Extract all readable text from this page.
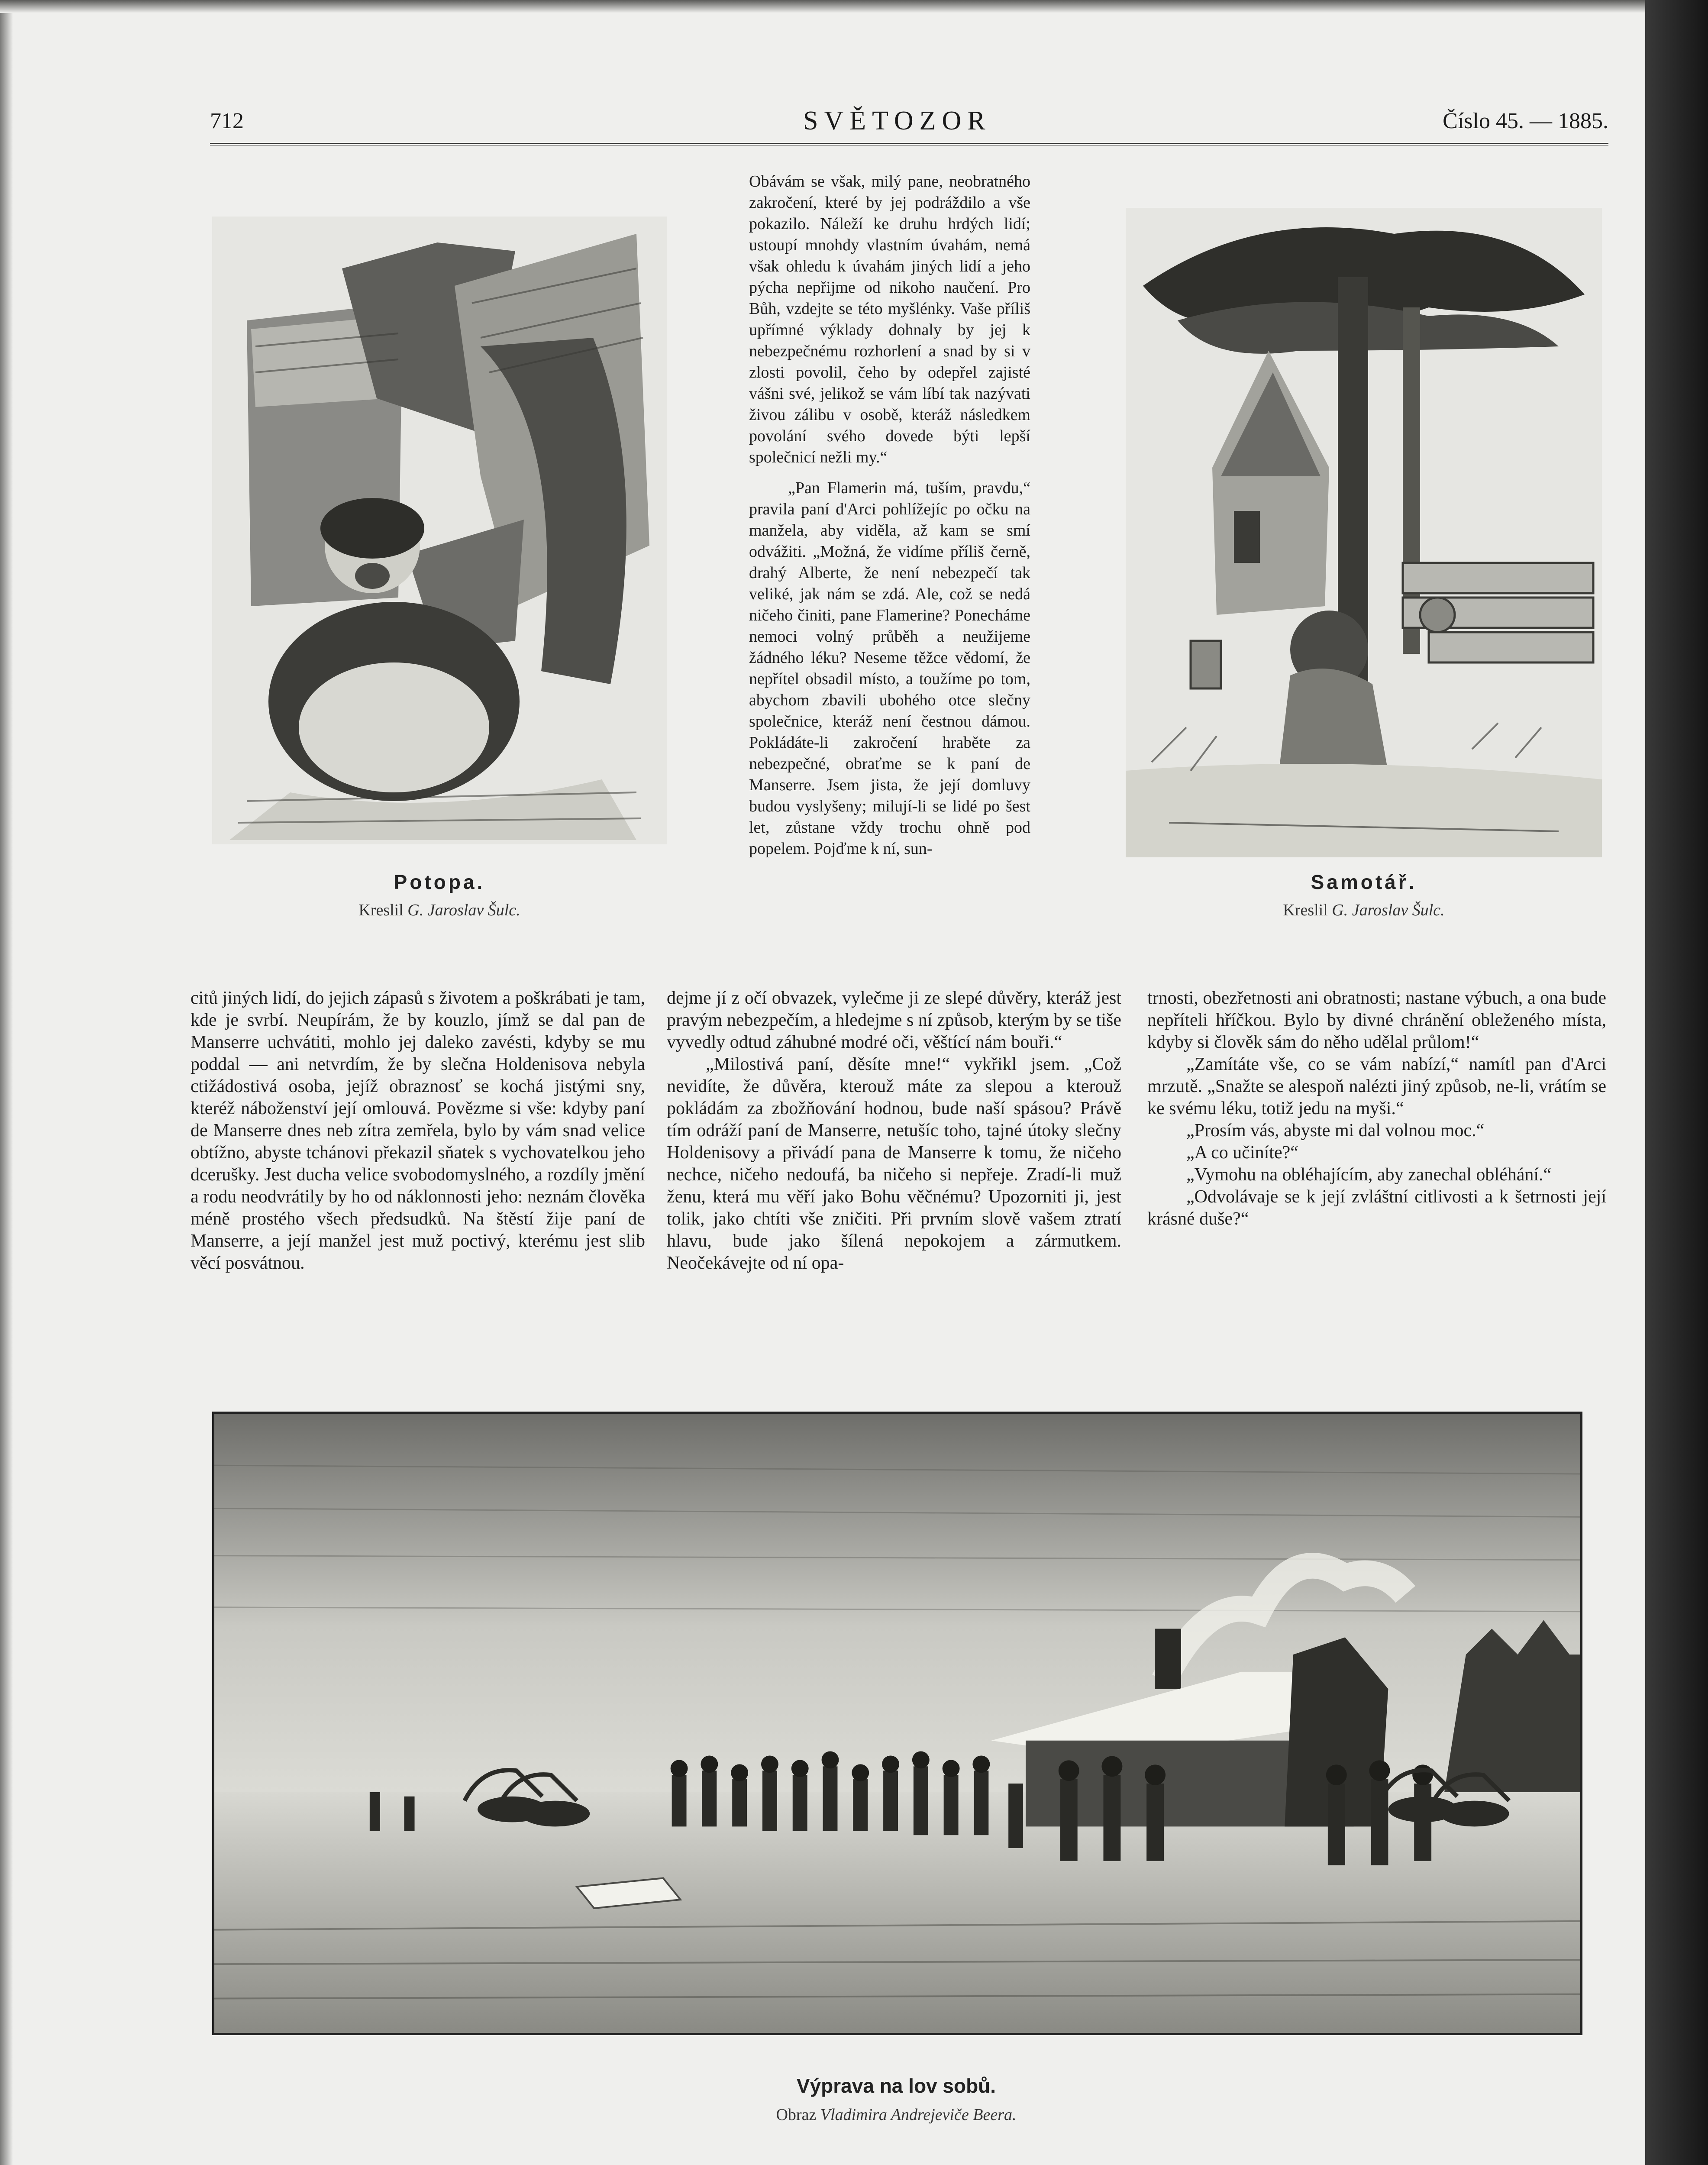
712	SVĚTOZOR	Číslo 45. — 1885.
Potopa.
Kreslil G. Jaroslav Šulc.
Samotář.
Kreslil G. Jaroslav Šulc.

Obávám se však, milý pane, neobratného zakročení, které by jej podráždilo a vše pokazilo. Náleží ke druhu hrdých lidí; ustoupí mnohdy vlastním úvahám, nemá však ohledu k úvahám jiných lidí a jeho pýcha nepřijme od nikoho naučení. Pro Bůh, vzdejte se této myšlénky. Vaše příliš upřímné výklady dohnaly by jej k nebezpečnému rozhorlení a snad by si v zlosti povolil, čeho by odepřel zajisté vášni své, jelikož se vám líbí tak nazývati živou zálibu v osobě, kteráž následkem povolání svého dovede býti lepší společnicí nežli my.“

„Pan Flamerin má, tuším, pravdu,“ pravila paní d'Arci pohlížejíc po očku na manžela, aby viděla, až kam se smí odvážiti. „Možná, že vidíme příliš černě, drahý Alberte, že není nebezpečí tak veliké, jak nám se zdá. Ale, což se nedá ničeho činiti, pane Flamerine? Ponecháme nemoci volný průběh a neužijeme žádného léku? Neseme těžce vědomí, že nepřítel obsadil místo, a toužíme po tom, abychom zbavili ubohého otce slečny společnice, kteráž není čestnou dámou. Pokládáte-li zakročení hraběte za nebezpečné, obraťme se k paní de Manserre. Jsem jista, že její domluvy budou vyslyšeny; milují-li se lidé po šest let, zůstane vždy trochu ohně pod popelem. Pojďme k ní, sun-

citů jiných lidí, do jejich zápasů s životem a poškrábati je tam, kde je svrbí. Neupírám, že by kouzlo, jímž se dal pan de Manserre uchvátiti, mohlo jej daleko zavésti, kdyby se mu poddal — ani netvrdím, že by slečna Holdenisova nebyla ctižádostivá osoba, jejíž obraznosť se kochá jistými sny, kteréž náboženství její omlouvá. Povězme si vše: kdyby paní de Manserre dnes neb zítra zemřela, bylo by vám snad velice obtížno, abyste tchánovi překazil sňatek s vychovatelkou jeho dcerušky. Jest ducha velice svobodomyslného, a rozdíly jmění a rodu neodvrátily by ho od náklonnosti jeho: neznám člověka méně prostého všech předsudků. Na štěstí žije paní de Manserre, a její manžel jest muž poctivý, kterému jest slib věcí posvátnou.

dejme jí z očí obvazek, vylečme ji ze slepé důvěry, kteráž jest pravým nebezpečím, a hledejme s ní způsob, kterým by se tiše vyvedly odtud záhubné modré oči, věštící nám bouři.“

„Milostivá paní, děsíte mne!“ vykřikl jsem. „Což nevidíte, že důvěra, kterouž máte za slepou a kterouž pokládám za zbožňování hodnou, bude naší spásou? Právě tím odráží paní de Manserre, netušíc toho, tajné útoky slečny Holdenisovy a přivádí pana de Manserre k tomu, že ničeho nechce, ničeho nedoufá, ba ničeho si nepřeje. Zradí-li muž ženu, která mu věří jako Bohu věčnému? Upozorniti ji, jest tolik, jako chtíti vše zničiti. Při prvním slově vašem ztratí hlavu, bude jako šílená nepokojem a zármutkem. Neočekávejte od ní opa-

trnosti, obezřetnosti ani obratnosti; nastane výbuch, a ona bude nepříteli hříčkou. Bylo by divné chránění obleženého místa, kdyby si člověk sám do něho udělal průlom!“

„Zamítáte vše, co se vám nabízí,“ namítl pan d'Arci mrzutě. „Snažte se alespoň nalézti jiný způsob, ne-li, vrátím se ke svému léku, totiž jedu na myši.“

„Prosím vás, abyste mi dal volnou moc.“

„A co učiníte?“

„Vymohu na obléhajícím, aby zanechal obléhání.“

„Odvolávaje se k její zvláštní citlivosti a k šetrnosti její krásné duše?“

Výprava na lov sobů.
Obraz Vladimira Andrejeviče Beera.
